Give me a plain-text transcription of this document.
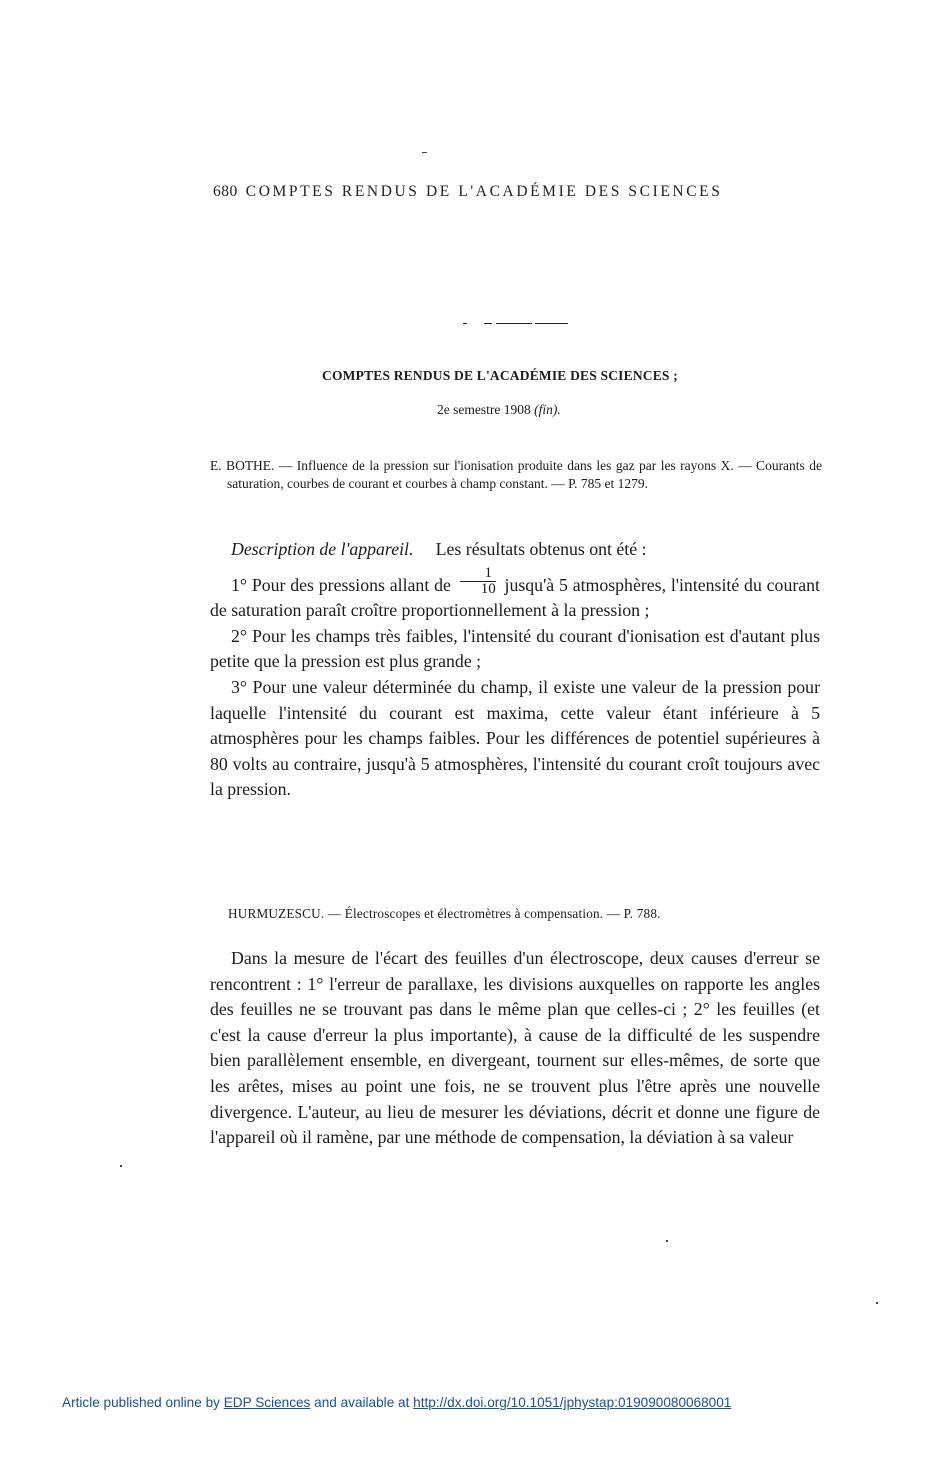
680 COMPTES RENDUS DE L'ACADÉMIE DES SCIENCES
COMPTES RENDUS DE L'ACADÉMIE DES SCIENCES ;
2e semestre 1908 (fin).
E. BOTHE. — Influence de la pression sur l'ionisation produite dans les gaz par les rayons X. — Courants de saturation, courbes de courant et courbes à champ constant. — P. 785 et 1279.

Description de l'appareil. Les résultats obtenus ont été :

1° Pour des pressions allant de $\frac{1}{10}$ jusqu'à 5 atmosphères, l'intensité du courant de saturation paraît croître proportionnellement à la pression ;

2° Pour les champs très faibles, l'intensité du courant d'ionisation est d'autant plus petite que la pression est plus grande ;

3° Pour une valeur déterminée du champ, il existe une valeur de la pression pour laquelle l'intensité du courant est maxima, cette valeur étant inférieure à 5 atmosphères pour les champs faibles. Pour les différences de potentiel supérieures à 80 volts au contraire, jusqu'à 5 atmosphères, l'intensité du courant croît toujours avec la pression.

HURMUZESCU. — Électroscopes et électromètres à compensation. — P. 788.

Dans la mesure de l'écart des feuilles d'un électroscope, deux causes d'erreur se rencontrent : 1° l'erreur de parallaxe, les divisions auxquelles on rapporte les angles des feuilles ne se trouvant pas dans le même plan que celles-ci ; 2° les feuilles (et c'est la cause d'erreur la plus importante), à cause de la difficulté de les suspendre bien parallèlement ensemble, en divergeant, tournent sur elles-mêmes, de sorte que les arêtes, mises au point une fois, ne se trouvent plus l'être après une nouvelle divergence. L'auteur, au lieu de mesurer les déviations, décrit et donne une figure de l'appareil où il ramène, par une méthode de compensation, la déviation à sa valeur

Article published online by EDP Sciences and available at http://dx.doi.org/10.1051/jphystap:019090080068001
